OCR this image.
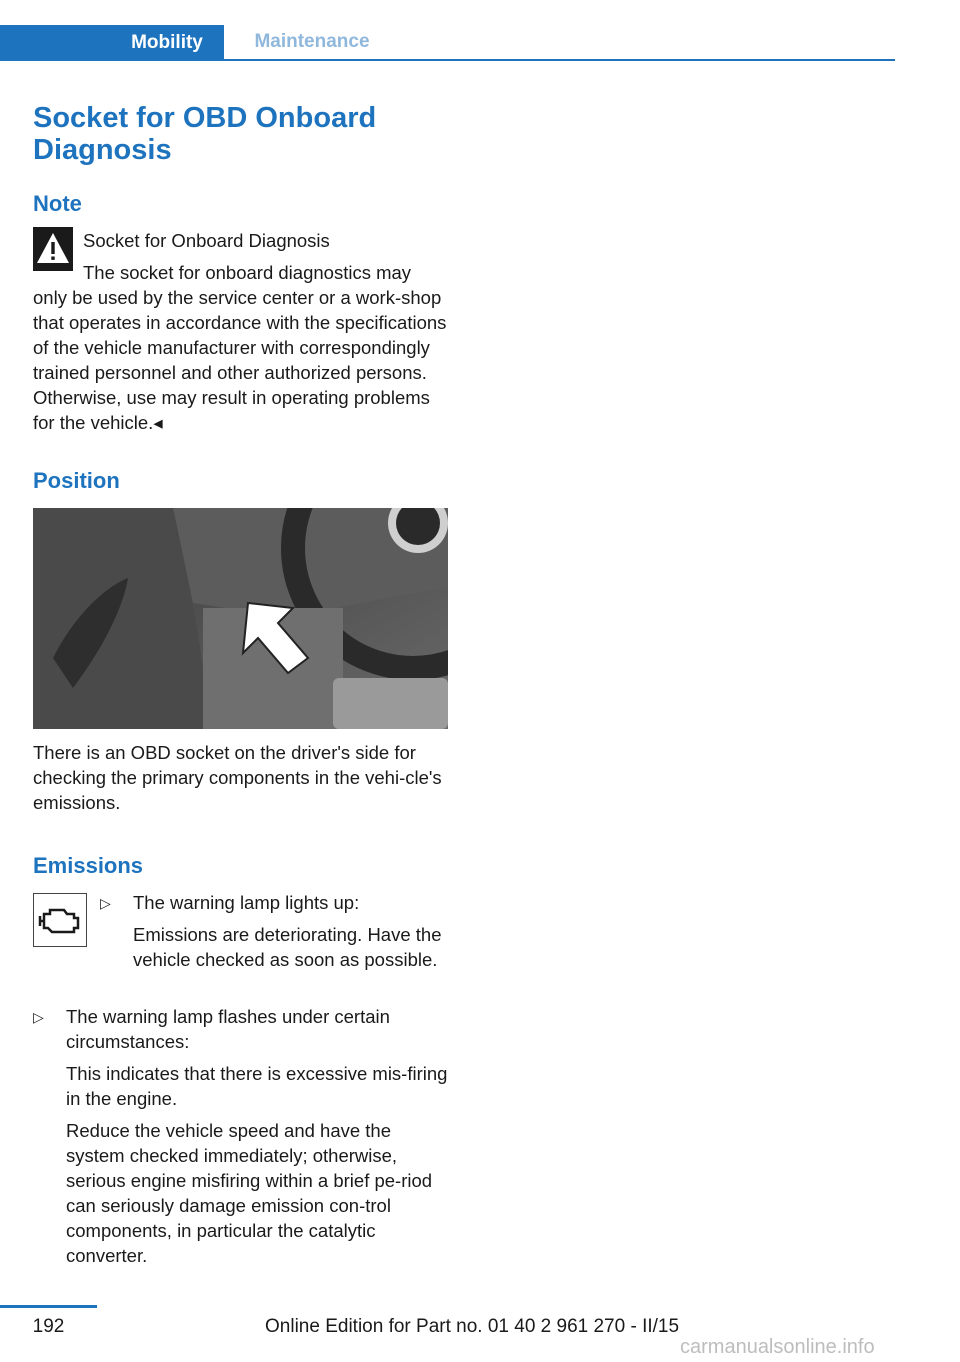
Mobility	Maintenance
Socket for OBD Onboard Diagnosis
Note
Socket for Onboard Diagnosis
The socket for onboard diagnostics may only be used by the service center or a work-shop that operates in accordance with the specifications of the vehicle manufacturer with correspondingly trained personnel and other authorized persons. Otherwise, use may result in operating problems for the vehicle.◂
Position
There is an OBD socket on the driver's side for checking the primary components in the vehi-cle's emissions.
Emissions
▷ The warning lamp lights up:
Emissions are deteriorating. Have the vehicle checked as soon as possible.
▷ The warning lamp flashes under certain circumstances:
This indicates that there is excessive mis-firing in the engine.
Reduce the vehicle speed and have the system checked immediately; otherwise, serious engine misfiring within a brief pe-riod can seriously damage emission con-trol components, in particular the catalytic converter.
192	Online Edition for Part no. 01 40 2 961 270 - II/15
carmanualsonline.info
